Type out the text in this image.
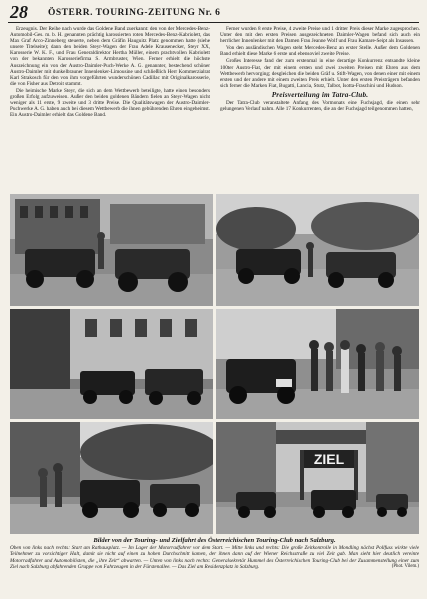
28 ÖSTERR. TOURING-ZEITUNG Nr. 6

Erzeugnis. Der Reihe nach wurde das Goldene Band zuerkannt: den von der Mercedes-Benz-Automobil-Ges. m. b. H. genannten prächtig karossierten roten Mercedes-Benz-Kabriolett, das Max Graf Arco-Zinneberg steuerte, neben dem Gräfin Hauguitz Platz genommen hatte (siehe unsere Titelseite); dann den beiden Steyr-Wagen der Frau Adele Krausenecker, Steyr XX, Karosserie W. K. F., und Frau Generaldirektor Hertha Müller, einem prachtvollen Kabriolett von der bekannten Karosseriefirma S. Armbruster, Wien. Ferner erhielt die höchste Auszeichnung ein von der Austro-Daimler-Puch-Werke A. G. genannter, bestechend schöner Austro-Daimler mit dunkelbrauner Innenlenker-Limousine und schließlich Herr Kommerzialrat Karl Strakosch für den von ihm vorgeführten wunderschönen Cadillac mit Originalkarosserie, die von Fisher aus Detroit stammt.

Die heimische Marke Steyr, die sich an dem Wettbewerb beteiligte, hatte einen besonders großen Erfolg aufzuweisen. Außer den beiden goldenen Bändern fielen an Steyr-Wagen nicht weniger als 11 erste, 9 zweite und 3 dritte Preise. Die Qualitätswagen der Austro-Daimler-Puchwerke A. G. haben auch bei diesem Wettbewerb die ihnen gebührenden Ehren eingeheimst. Ein Austro-Daimler erhielt das Goldene Band.

Ferner wurden 8 erste Preise, 4 zweite Preise und 1 dritter Preis dieser Marke zugesprochen. Unter den mit den ersten Preisen ausgezeichneten Daimler-Wagen befand sich auch ein herrlicher Innenlenker mit den Damen Frau Jeanne Wolf und Frau Kamare-Seipt als Insassen.

Von den ausländischen Wagen steht Mercedes-Benz an erster Stelle. Außer dem Goldenen Band erhielt diese Marke 6 erste und ebensoviel zweite Preise.

Großes Interesse fand der zum erstenmal in eine derartige Konkurrenz entsandte kleine 100ter Austro-Fiat, der mit einem ersten und zwei zweiten Preisen mit Ehren aus dem Wettbewerb hervorging; desgleichen die beiden Gräf u. Stift-Wagen, von denen einer mit einem ersten und der andere mit einem zweiten Preis erhielt. Unter den ersten Preisträgern befanden sich ferner die Marken Fiat, Bugatti, Lancia, Stutz, Talbot, Isotta-Fraschini und Hudson.

Preisverteilung im Tatra-Club.

Der Tatra-Club veranstaltete Anfang des Vormonats eine Fuchsjagd, die einen sehr gelungenen Verlauf nahm. Alle 17 Konkurrenten, die an der Fuchsjagd teilgenommen hatten,

ZIEL
Bilder von der Touring- und Zielfahrt des Österreichischen Touring-Club nach Salzburg.
Oben von links nach rechts: Start am Rathausplatz. — Im Lager der Motorradfahrer vor dem Start. — Mitte links und rechts: Die große Zeitkontrolle in Mondling nächst Pollfuss wirkte viele Teilnehmer zu vorsichtiger Halt, damit sie nicht auf einen zu hohen Durchschnitt kamen, der ihnen dann auf der Wiener Reichsstraße zu viel Zeit gab. Man sieht hier deutlich vereinte Motorradfahrer und Automobilisten, die „ihre Zeit“ abwarten. — Unten von links nach rechts: Generalsekretär Hummel des Österreichischen Touring-Club bei der Zusammenstellung einer zum Ziel nach Salzburg abfahrenden Gruppe von Fahrzeugen in der Fürstenallee. — Das Ziel am Residenzplatz in Salzburg.	(Phot. Vilem.)
